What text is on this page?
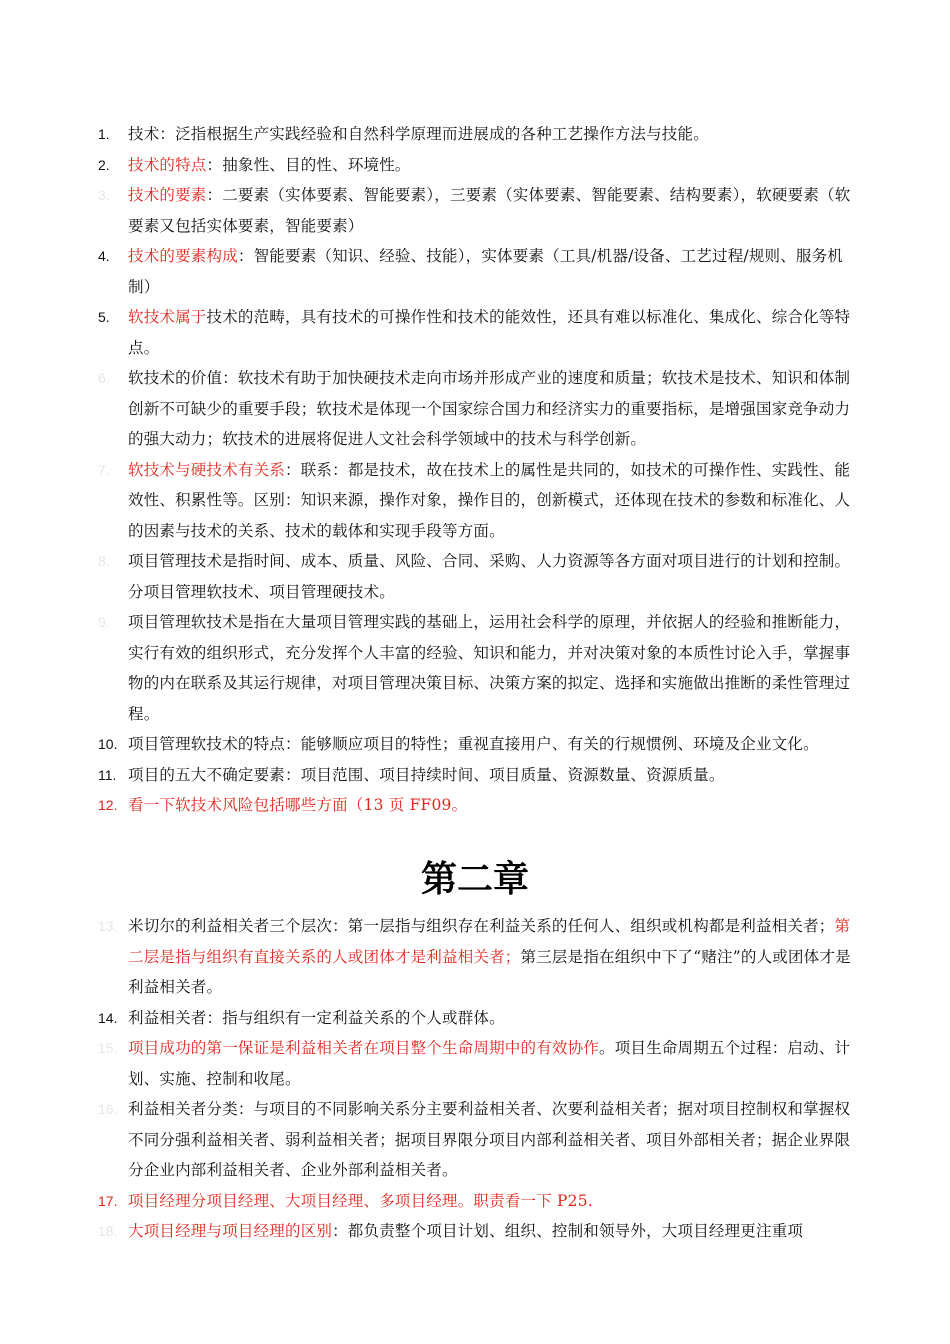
1.	技术：泛指根据生产实践经验和自然科学原理而进展成的各种工艺操作方法与技能。
2.	技术的特点：抽象性、目的性、环境性。
3.	技术的要素：二要素（实体要素、智能要素），三要素（实体要素、智能要素、结构要素），软硬要素（软要素又包括实体要素，智能要素）
4.	技术的要素构成：智能要素（知识、经验、技能），实体要素（工具/机器/设备、工艺过程/规则、服务机制）
5.	软技术属于技术的范畴，具有技术的可操作性和技术的能效性，还具有难以标准化、集成化、综合化等特点。
6.	软技术的价值：软技术有助于加快硬技术走向市场并形成产业的速度和质量；软技术是技术、知识和体制创新不可缺少的重要手段；软技术是体现一个国家综合国力和经济实力的重要指标，是增强国家竞争动力的强大动力；软技术的进展将促进人文社会科学领域中的技术与科学创新。
7.	软技术与硬技术有关系：联系：都是技术，故在技术上的属性是共同的，如技术的可操作性、实践性、能效性、积累性等。区别：知识来源，操作对象，操作目的，创新模式，还体现在技术的参数和标准化、人的因素与技术的关系、技术的载体和实现手段等方面。
8.	项目管理技术是指时间、成本、质量、风险、合同、采购、人力资源等各方面对项目进行的计划和控制。分项目管理软技术、项目管理硬技术。
9.	项目管理软技术是指在大量项目管理实践的基础上，运用社会科学的原理，并依据人的经验和推断能力，实行有效的组织形式，充分发挥个人丰富的经验、知识和能力，并对决策对象的本质性讨论入手，掌握事物的内在联系及其运行规律，对项目管理决策目标、决策方案的拟定、选择和实施做出推断的柔性管理过程。
10. 项目管理软技术的特点：能够顺应项目的特性；重视直接用户、有关的行规惯例、环境及企业文化。
11. 项目的五大不确定要素：项目范围、项目持续时间、项目质量、资源数量、资源质量。
12. 看一下软技术风险包括哪些方面（13 页 FF09。
第二章
13. 米切尔的利益相关者三个层次：第一层指与组织存在利益关系的任何人、组织或机构都是利益相关者；第二层是指与组织有直接关系的人或团体才是利益相关者；第三层是指在组织中下了“赌注”的人或团体才是利益相关者。
14. 利益相关者：指与组织有一定利益关系的个人或群体。
15. 项目成功的第一保证是利益相关者在项目整个生命周期中的有效协作。项目生命周期五个过程：启动、计划、实施、控制和收尾。
16. 利益相关者分类：与项目的不同影响关系分主要利益相关者、次要利益相关者；据对项目控制权和掌握权不同分强利益相关者、弱利益相关者；据项目界限分项目内部利益相关者、项目外部相关者；据企业界限分企业内部利益相关者、企业外部利益相关者。
17. 项目经理分项目经理、大项目经理、多项目经理。职责看一下 P25.
18. 大项目经理与项目经理的区别：都负责整个项目计划、组织、控制和领导外，大项目经理更注重项
